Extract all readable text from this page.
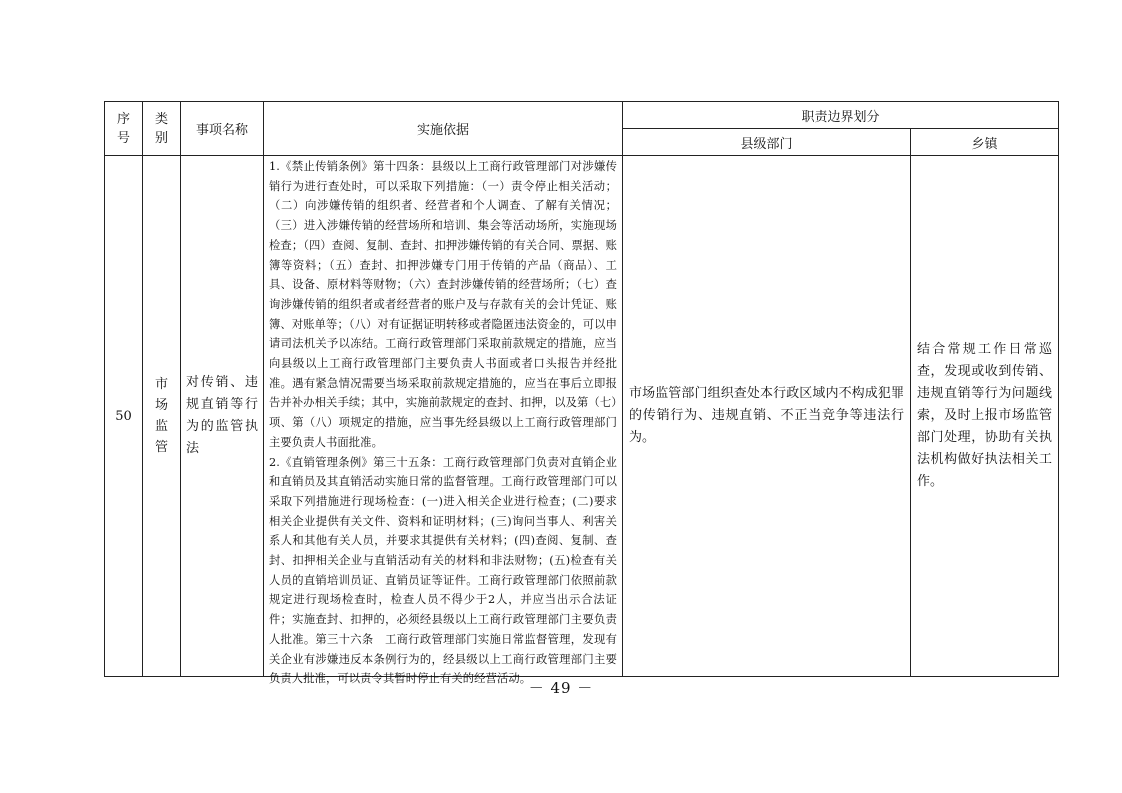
序号	类别	事项名称	实施依据	职责边界划分	
				县级部门	乡镇
50	市场监管	对传销、违规直销等行为的监管执法	1.《禁止传销条例》第十四条：县级以上工商行政管理部门对涉嫌传销行为进行查处时，可以采取下列措施：（一）责令停止相关活动；（二）向涉嫌传销的组织者、经营者和个人调查、了解有关情况；（三）进入涉嫌传销的经营场所和培训、集会等活动场所，实施现场检查；（四）查阅、复制、查封、扣押涉嫌传销的有关合同、票据、账簿等资料；（五）查封、扣押涉嫌专门用于传销的产品（商品）、工具、设备、原材料等财物；（六）查封涉嫌传销的经营场所；（七）查询涉嫌传销的组织者或者经营者的账户及与存款有关的会计凭证、账簿、对账单等；（八）对有证据证明转移或者隐匿违法资金的，可以申请司法机关予以冻结。工商行政管理部门采取前款规定的措施，应当向县级以上工商行政管理部门主要负责人书面或者口头报告并经批准。遇有紧急情况需要当场采取前款规定措施的，应当在事后立即报告并补办相关手续；其中，实施前款规定的查封、扣押，以及第（七）项、第（八）项规定的措施，应当事先经县级以上工商行政管理部门主要负责人书面批准。

2.《直销管理条例》第三十五条：工商行政管理部门负责对直销企业和直销员及其直销活动实施日常的监督管理。工商行政管理部门可以采取下列措施进行现场检查：(一)进入相关企业进行检查；(二)要求相关企业提供有关文件、资料和证明材料；(三)询问当事人、利害关系人和其他有关人员，并要求其提供有关材料；(四)查阅、复制、查封、扣押相关企业与直销活动有关的材料和非法财物；(五)检查有关人员的直销培训员证、直销员证等证件。工商行政管理部门依照前款规定进行现场检查时，检查人员不得少于2人，并应当出示合法证件；实施查封、扣押的，必须经县级以上工商行政管理部门主要负责人批准。第三十六条　工商行政管理部门实施日常监督管理，发现有关企业有涉嫌违反本条例行为的，经县级以上工商行政管理部门主要负责人批准，可以责令其暂时停止有关的经营活动。	市场监管部门组织查处本行政区域内不构成犯罪的传销行为、违规直销、不正当竞争等违法行为。	结合常规工作日常巡查，发现或收到传销、违规直销等行为问题线索，及时上报市场监管部门处理，协助有关执法机构做好执法相关工作。
－ 49 －
